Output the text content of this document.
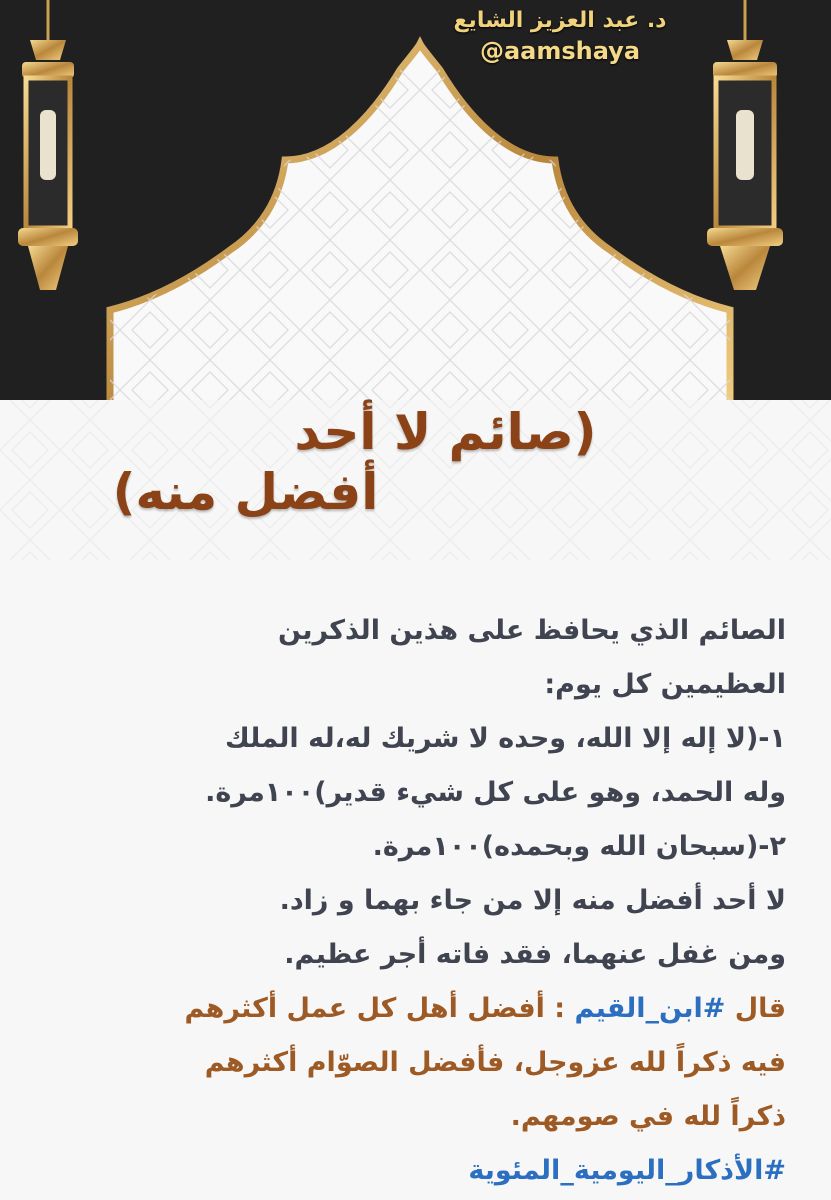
د. عبد العزيز الشايع
@aamshaya
(صائم لا أحد
أفضل منه)
الصائم الذي يحافظ على هذين الذكرين
العظيمين كل يوم:
١-(لا إله إلا الله، وحده لا شريك له،له الملك
وله الحمد، وهو على كل شيء قدير)١٠٠مرة.
٢-(سبحان الله وبحمده)١٠٠مرة.
لا أحد أفضل منه إلا من جاء بهما و زاد.
ومن غفل عنهما، فقد فاته أجر عظيم.
قال #ابن_القيم : أفضل أهل كل عمل أكثرهم
فيه ذكراً لله عزوجل، فأفضل الصوّام أكثرهم
ذكراً لله في صومهم.
#الأذكار_اليومية_المئوية
